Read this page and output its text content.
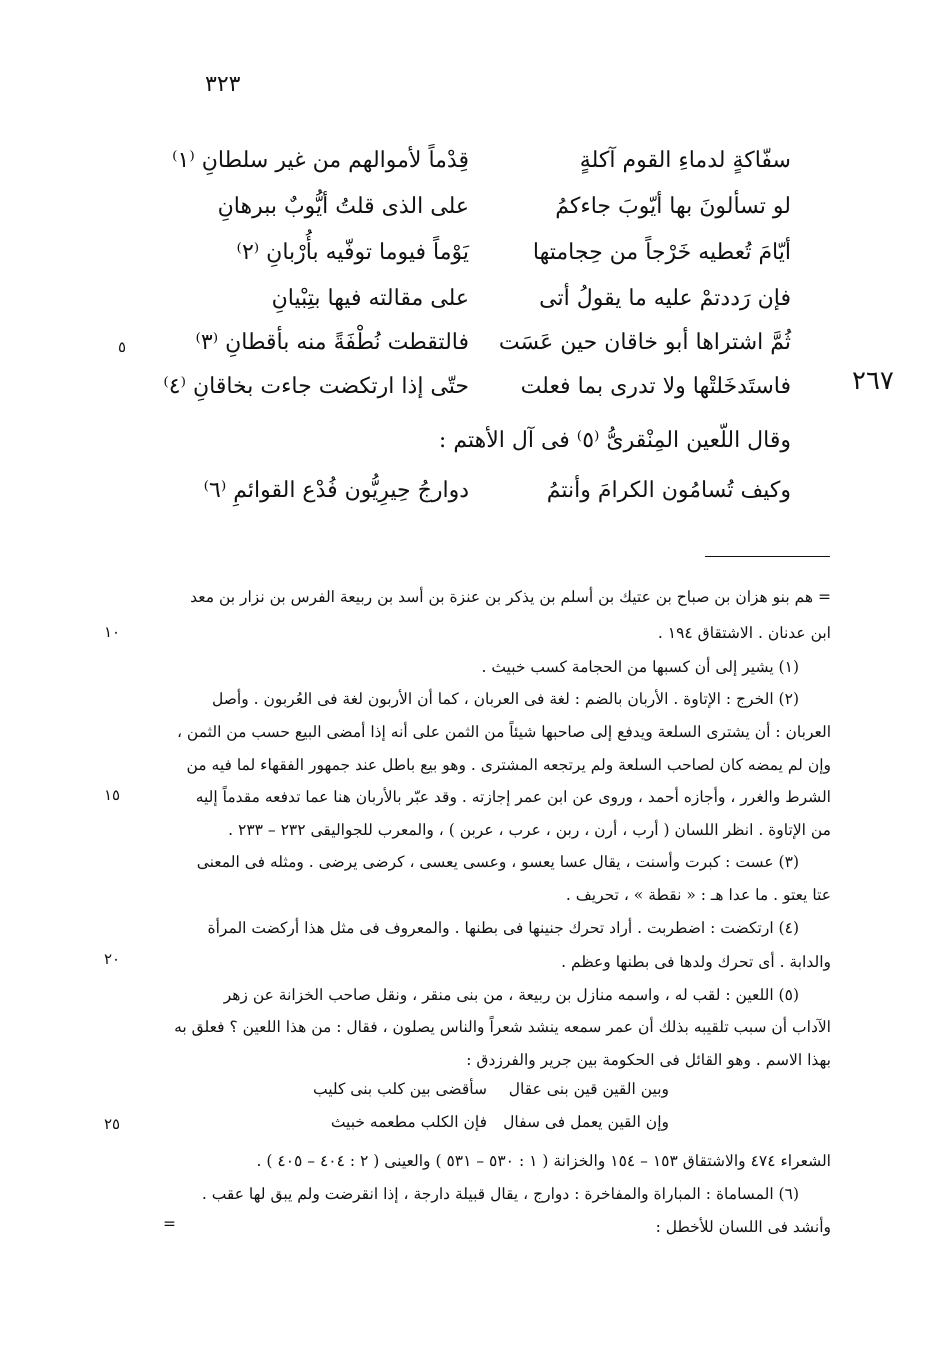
٣٢٣
٢٦٧
سفّاكةٍ لدماءِ القوم آكلةٍ
قِدْماً لأموالهم من غير سلطانِ ⁽١⁾
لو تسألونَ بها أيّوبَ جاءكمُ
على الذى قلتُ أيُّوبٌ ببرهانِ
أيّامَ تُعطيه خَرْجاً من حِجامتها
يَوْماً فيوما توفّيه بأُرْبانِ ⁽٢⁾
فإن رَددتمْ عليه ما يقولُ أتى
على مقالته فيها بتِبْيانِ
ثُمَّ اشتراها أبو خاقان حين عَسَت
فالتقطت نُطْفَةً منه بأقطانِ ⁽٣⁾
فاستَدخَلتْها ولا تدرى بما فعلت
حتّى إذا ارتكضت جاءت بخاقانِ ⁽٤⁾
٥
وقال اللّعين المِنْقرىُّ ⁽٥⁾ فى آل الأهتم :
وكيف تُسامُون الكرامَ وأنتمُ
دوارجُ حِيرِيُّون فُدْع القوائمِ ⁽٦⁾
= هم بنو هزان بن صباح بن عتيك بن أسلم بن يذكر بن عنزة بن أسد بن ربيعة الفرس بن نزار بن معد
ابن عدنان . الاشتقاق ١٩٤ .
(١) يشير إلى أن كسبها من الحجامة كسب خبيث .
(٢) الخرج : الإتاوة . الأربان بالضم : لغة فى العربان ، كما أن الأربون لغة فى العُربون . وأصل
العربان : أن يشترى السلعة ويدفع إلى صاحبها شيئاً من الثمن على أنه إذا أمضى البيع حسب من الثمن ،
وإن لم يمضه كان لصاحب السلعة ولم يرتجعه المشترى . وهو بيع باطل عند جمهور الفقهاء لما فيه من
الشرط والغرر ، وأجازه أحمد ، وروى عن ابن عمر إجازته . وقد عبّر بالأربان هنا عما تدفعه مقدماً إليه
من الإتاوة . انظر اللسان ( أرب ، أرن ، ربن ، عرب ، عربن ) ، والمعرب للجواليقى ٢٣٢ – ٢٣٣ .
(٣) عست : كبرت وأسنت ، يقال عسا يعسو ، وعسى يعسى ، كرضى يرضى . ومثله فى المعنى
عتا يعتو . ما عدا هـ : « نقطة » ، تحريف .
(٤) ارتكضت : اضطربت . أراد تحرك جنينها فى بطنها . والمعروف فى مثل هذا أركضت المرأة
والدابة . أى تحرك ولدها فى بطنها وعظم .
(٥) اللعين : لقب له ، واسمه منازل بن ربيعة ، من بنى منقر ، ونقل صاحب الخزانة عن زهر
الآداب أن سبب تلقيبه بذلك أن عمر سمعه ينشد شعراً والناس يصلون ، فقال : من هذا اللعين ؟ فعلق به
بهذا الاسم . وهو القائل فى الحكومة بين جرير والفرزدق :
سأقضى بين كلب بنى كليب وبين القين قين بنى عقال
فإن الكلب مطعمه خبيث وإن القين يعمل فى سفال
الشعراء ٤٧٤ والاشتقاق ١٥٣ – ١٥٤ والخزانة ( ١ : ٥٣٠ – ٥٣١ ) والعينى ( ٢ : ٤٠٤ – ٤٠٥ ) .
(٦) المساماة : المباراة والمفاخرة : دوارج ، يقال قبيلة دارجة ، إذا انقرضت ولم يبق لها عقب .
وأنشد فى اللسان للأخطل :
=
١٠
١٥
٢٠
٢٥
